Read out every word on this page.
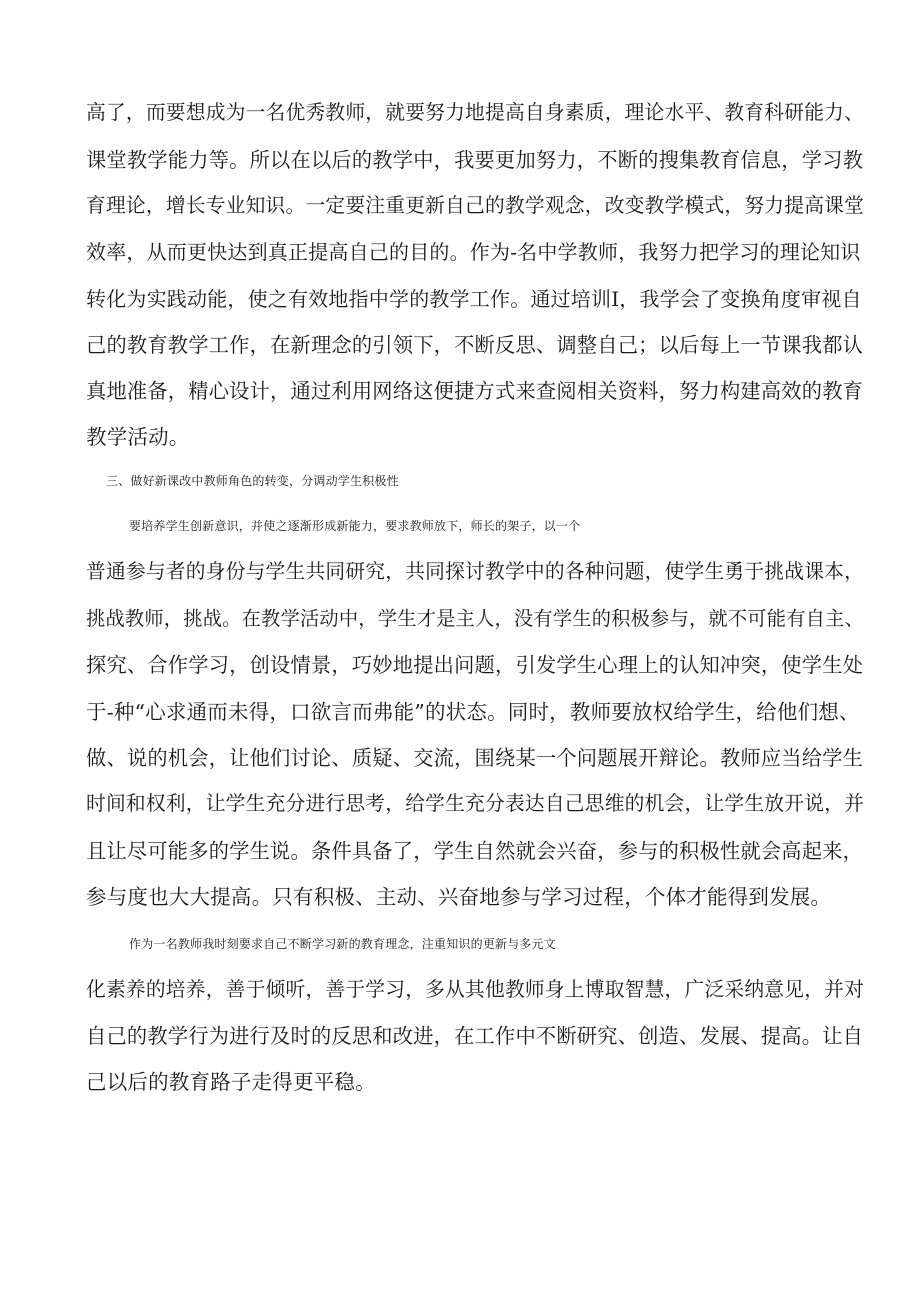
高了，而要想成为一名优秀教师，就要努力地提高自身素质，理论水平、教育科研能力、
课堂教学能力等。所以在以后的教学中，我要更加努力，不断的搜集教育信息，学习教
育理论，增长专业知识。一定要注重更新自己的教学观念，改变教学模式，努力提高课堂
效率，从而更快达到真正提高自己的目的。作为-名中学教师，我努力把学习的理论知识
转化为实践动能，使之有效地指中学的教学工作。通过培训Ⅰ，我学会了变换角度审视自
己的教育教学工作，在新理念的引领下，不断反思、调整自己；以后每上一节课我都认
真地准备，精心设计，通过利用网络这便捷方式来查阅相关资料，努力构建高效的教育
教学活动。
三、做好新课改中教师角色的转变，分调动学生积极性
要培养学生创新意识，并使之逐渐形成新能力，要求教师放下，师长的架子，以一个
普通参与者的身份与学生共同研究，共同探讨教学中的各种问题，使学生勇于挑战课本，
挑战教师，挑战。在教学活动中，学生才是主人，没有学生的积极参与，就不可能有自主、
探究、合作学习，创设情景，巧妙地提出问题，引发学生心理上的认知冲突，使学生处
于-种“心求通而未得，口欲言而弗能”的状态。同时，教师要放权给学生，给他们想、
做、说的机会，让他们讨论、质疑、交流，围绕某一个问题展开辩论。教师应当给学生
时间和权利，让学生充分进行思考，给学生充分表达自己思维的机会，让学生放开说，并
且让尽可能多的学生说。条件具备了，学生自然就会兴奋，参与的积极性就会高起来，
参与度也大大提高。只有积极、主动、兴奋地参与学习过程，个体才能得到发展。
作为一名教师我时刻要求自己不断学习新的教育理念，注重知识的更新与多元文
化素养的培养，善于倾听，善于学习，多从其他教师身上博取智慧，广泛采纳意见，并对
自己的教学行为进行及时的反思和改进，在工作中不断研究、创造、发展、提高。让自
己以后的教育路子走得更平稳。
